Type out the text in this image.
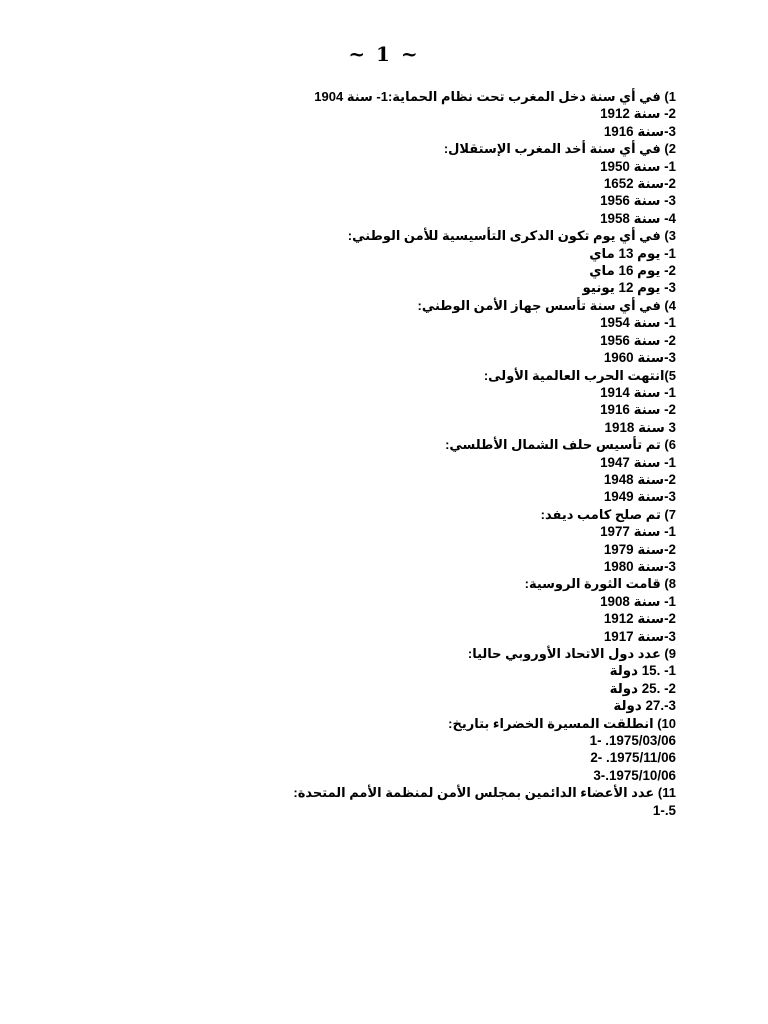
~ 1 ~
1) في أي سنة دخل المغرب تحت نظام الحماية:1- سنة 1904
2- سنة 1912
3-سنة 1916
2) في أي سنة أخد المغرب الإستقلال:
1- سنة 1950
2-سنة 1652
3- سنة 1956
4- سنة 1958
3) في أي يوم تكون الدكرى التأسيسية للأمن الوطني:
1- يوم 13 ماي
2- يوم 16 ماي
3- يوم 12 يونيو
4) في أي سنة تأسس جهاز الأمن الوطني:
1- سنة 1954
2- سنة 1956
3-سنة 1960
5)انتهت الحرب العالمية الأولى:
1- سنة 1914
2- سنة 1916
3 سنة 1918
6) تم تأسيس حلف الشمال الأطلسي:
1- سنة 1947
2-سنة 1948
3-سنة 1949
7) تم صلح كامب ديفد:
1- سنة 1977
2-سنة 1979
3-سنة 1980
8) قامت الثورة الروسية:
1- سنة 1908
2-سنة 1912
3-سنة 1917
9) عدد دول الاتحاد الأوروبي حاليا:
1- .15 دولة
2- .25 دولة
3-.27 دولة
10) انطلقت المسيرة الخضراء بتاريخ:
1- .1975/03/06
2- .1975/11/06
3-.1975/10/06
11) عدد الأعضاء الدائمين بمجلس الأمن لمنظمة الأمم المتحدة:
1-.5
